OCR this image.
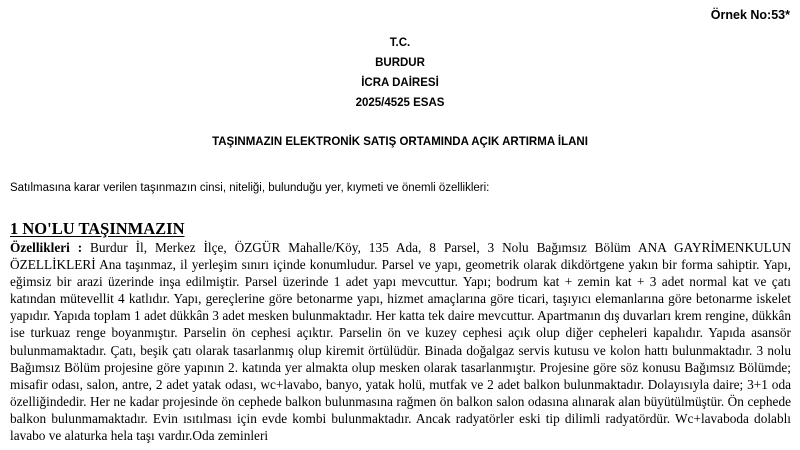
Örnek No:53*
T.C.
BURDUR
İCRA DAİRESİ
2025/4525 ESAS
TAŞINMAZIN ELEKTRONİK SATIŞ ORTAMINDA AÇIK ARTIRMA İLANI
Satılmasına karar verilen taşınmazın cinsi, niteliği, bulunduğu yer, kıymeti ve önemli özellikleri:
1 NO'LU TAŞINMAZIN
Özellikleri : Burdur İl, Merkez İlçe, ÖZGÜR Mahalle/Köy, 135 Ada, 8 Parsel, 3 Nolu Bağımsız Bölüm ANA GAYRİMENKULUN ÖZELLİKLERİ Ana taşınmaz, il yerleşim sınırı içinde konumludur. Parsel ve yapı, geometrik olarak dikdörtgene yakın bir forma sahiptir. Yapı, eğimsiz bir arazi üzerinde inşa edilmiştir. Parsel üzerinde 1 adet yapı mevcuttur. Yapı; bodrum kat + zemin kat + 3 adet normal kat ve çatı katından mütevellit 4 katlıdır. Yapı, gereçlerine göre betonarme yapı, hizmet amaçlarına göre ticari, taşıyıcı elemanlarına göre betonarme iskelet yapıdır. Yapıda toplam 1 adet dükkân 3 adet mesken bulunmaktadır. Her katta tek daire mevcuttur. Apartmanın dış duvarları krem rengine, dükkân ise turkuaz renge boyanmıştır. Parselin ön cephesi açıktır. Parselin ön ve kuzey cephesi açık olup diğer cepheleri kapalıdır. Yapıda asansör bulunmamaktadır. Çatı, beşik çatı olarak tasarlanmış olup kiremit örtülüdür. Binada doğalgaz servis kutusu ve kolon hattı bulunmaktadır. 3 nolu Bağımsız Bölüm projesine göre yapının 2. katında yer almakta olup mesken olarak tasarlanmıştır. Projesine göre söz konusu Bağımsız Bölümde; misafir odası, salon, antre, 2 adet yatak odası, wc+lavabo, banyo, yatak holü, mutfak ve 2 adet balkon bulunmaktadır. Dolayısıyla daire; 3+1 oda özelliğindedir. Her ne kadar projesinde ön cephede balkon bulunmasına rağmen ön balkon salon odasına alınarak alan büyütülmüştür. Ön cephede balkon bulunmamaktadır. Evin ısıtılması için evde kombi bulunmaktadır. Ancak radyatörler eski tip dilimli radyatördür. Wc+lavaboda dolablı lavabo ve alaturka hela taşı vardır.Oda zeminleri
